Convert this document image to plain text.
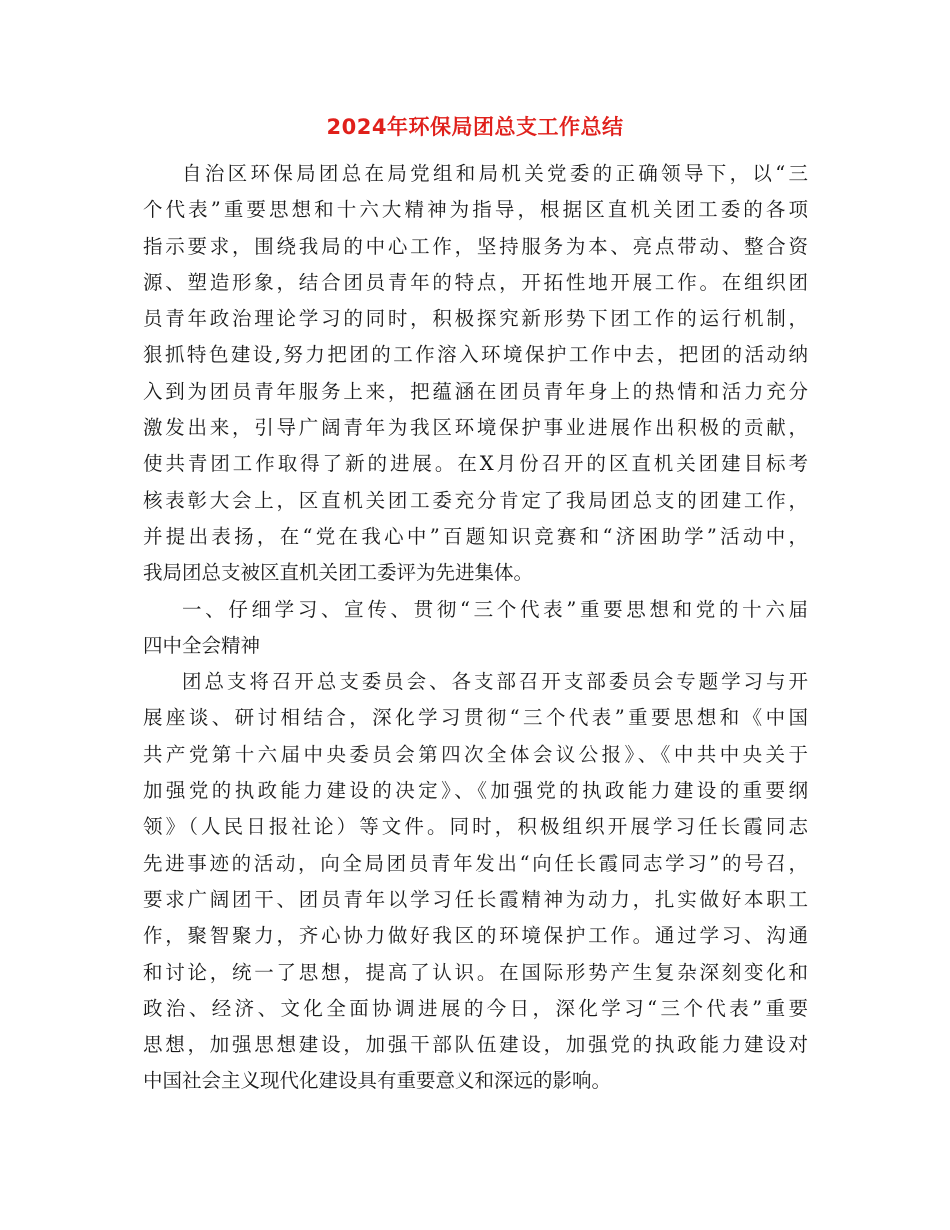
2024年环保局团总支工作总结
自治区环保局团总在局党组和局机关党委的正确领导下，以“三
个代表”重要思想和十六大精神为指导，根据区直机关团工委的各项
指示要求，围绕我局的中心工作，坚持服务为本、亮点带动、整合资
源、塑造形象，结合团员青年的特点，开拓性地开展工作。在组织团
员青年政治理论学习的同时，积极探究新形势下团工作的运行机制，
狠抓特色建设,努力把团的工作溶入环境保护工作中去，把团的活动纳
入到为团员青年服务上来，把蕴涵在团员青年身上的热情和活力充分
激发出来，引导广阔青年为我区环境保护事业进展作出积极的贡献，
使共青团工作取得了新的进展。在X月份召开的区直机关团建目标考
核表彰大会上，区直机关团工委充分肯定了我局团总支的团建工作，
并提出表扬，在“党在我心中”百题知识竞赛和“济困助学”活动中，
我局团总支被区直机关团工委评为先进集体。
一、仔细学习、宣传、贯彻“三个代表”重要思想和党的十六届
四中全会精神
团总支将召开总支委员会、各支部召开支部委员会专题学习与开
展座谈、研讨相结合，深化学习贯彻“三个代表”重要思想和《中国
共产党第十六届中央委员会第四次全体会议公报》、《中共中央关于
加强党的执政能力建设的决定》、《加强党的执政能力建设的重要纲
领》（人民日报社论）等文件。同时，积极组织开展学习任长霞同志
先进事迹的活动，向全局团员青年发出“向任长霞同志学习”的号召，
要求广阔团干、团员青年以学习任长霞精神为动力，扎实做好本职工
作，聚智聚力，齐心协力做好我区的环境保护工作。通过学习、沟通
和讨论，统一了思想，提高了认识。在国际形势产生复杂深刻变化和
政治、经济、文化全面协调进展的今日，深化学习“三个代表”重要
思想，加强思想建设，加强干部队伍建设，加强党的执政能力建设对
中国社会主义现代化建设具有重要意义和深远的影响。
